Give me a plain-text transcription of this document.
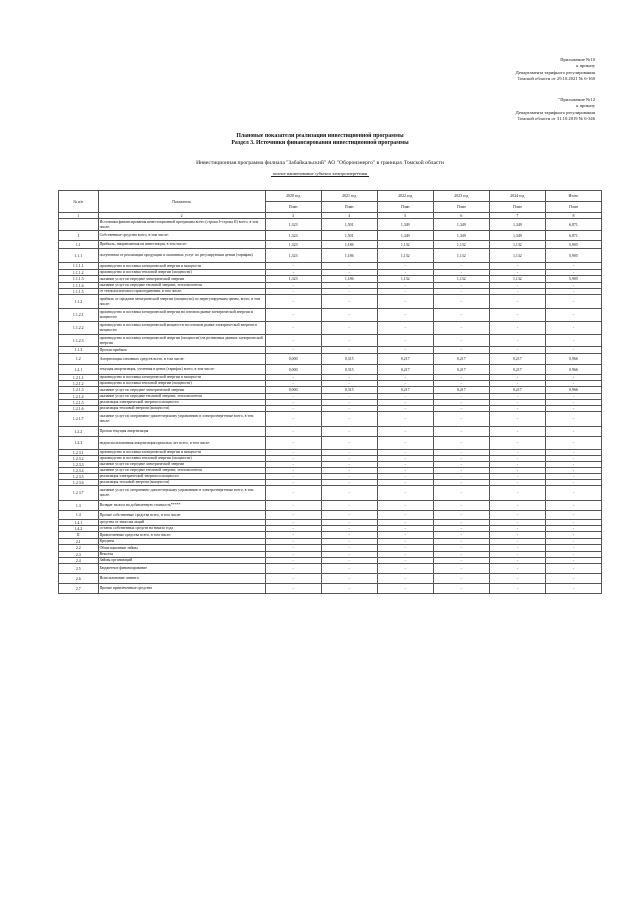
Приложение №10
к приказу
Департамента тарифного регулирования
Томской области от 29.10.2021 № 6-160
"Приложение №12
к приказу
Департамента тарифного регулирования
Томской области от 31.10.2019 № 6-346
Плановые показатели реализации инвестиционной программы
Раздел 3. Источники финансирования инвестиционной программы
Инвестиционная программа филиала "Забайкальский" АО "Оборонэнерго" в границах Томской области
полное наименование субъекта электроэнергетики
№ п/п	Показатель	2020 год	2021 год	2022 год	2023 год	2024 год	Итого
		План	План	План	План	План	План
1	2	3	4	5	6	7	8
	Источники финансирования инвестиционной программы всего (строка I+строка II) всего, в том числе:	1,323	1,501	1,349	1,349	1,349	6,871
I	Собственные средства всего, в том числе:	1,323	1,501	1,349	1,349	1,349	6,871
1.1	Прибыль, направляемая на инвестиции, в том числе:	1,323	1,186	1,132	1,132	1,132	5,905
1.1.1	полученная от реализации продукции и оказанных услуг по регулируемым ценам (тарифам)	1,323	1,186	1,132	1,132	1,132	5,905
1.1.1.1	производство и поставка электрической энергии и мощности	-	-	-	-	-	-
1.1.1.2	производство и поставка тепловой энергии (мощности)	-	-	-	-	-	-
1.1.1.3	оказание услуг по передаче электрической энергии	1,323	1,186	1,132	1,132	1,132	5,905
1.1.1.4	оказание услуг по передаче тепловой энергии, теплоносителя	-	-	-	-	-	-
1.1.1.5	от технологического присоединения, в том числе:	-	-	-	-	-	-
1.1.2	прибыль от продажи электрической энергии (мощности) по нерегулируемым ценам, всего, в том числе:	-	-	-	-	-	-
1.1.2.1	производство и поставка электрической энергии на оптовом рынке электрической энергии и мощности	-	-	-	-	-	-
1.1.2.2	производство и поставка электрической мощности на оптовом рынке электрической энергии и мощности	-	-	-	-	-	-
1.1.2.3	производство и поставка электрической энергии (мощности) на розничных рынках электрической энергии	-	-	-	-	-	-
1.1.3	Прочая прибыль	-	-	-	-	-	-
1.2	Амортизация основных средств всего, в том числе:	0,000	0,315	0,217	0,217	0,217	0,966
1.2.1	текущая амортизация, учтенная в ценах (тарифах) всего, в том числе:	0,000	0,315	0,217	0,217	0,217	0,966
1.2.1.1	производство и поставка электрической энергии и мощности	-	-	-	-	-	-
1.2.1.2	производство и поставка тепловой энергии (мощности)	-	-	-	-	-	-
1.2.1.3	оказание услуг по передаче электрической энергии	0,000	0,315	0,217	0,217	0,217	0,966
1.2.1.4	оказание услуг по передаче тепловой энергии, теплоносителя	-	-	-	-	-	-
1.2.1.5	реализация электрической энергии и мощности	-	-	-	-	-	-
1.2.1.6	реализация тепловой энергии (мощности)	-	-	-	-	-	-
1.2.1.7	оказание услуг по оперативно-диспетчерскому управлению в электроэнергетике всего, в том числе:	-	-	-	-	-	-
1.2.2	Прочая текущая амортизация	-	-	-	-	-	-
1.2.3	недоиспользованная амортизация прошлых лет всего, в том числе:	-	-	-	-	-	-
1.2.3.1	производство и поставка электрической энергии и мощности	-	-	-	-	-	-
1.2.3.2	производство и поставка тепловой энергии (мощности)	-	-	-	-	-	-
1.2.3.3	оказание услуг по передаче электрической энергии	-	-	-	-	-	-
1.2.3.4	оказание услуг по передаче тепловой энергии, теплоносителя	-	-	-	-	-	-
1.2.3.5	реализация электрической энергии и мощности	-	-	-	-	-	-
1.2.3.6	реализация тепловой энергии (мощности)	-	-	-	-	-	-
1.2.3.7	оказание услуг по оперативно-диспетчерскому управлению в электроэнергетике всего, в том числе:	-	-	-	-	-	-
1.3	Возврат налога на добавленную стоимость*****	-	-	-	-	-	-
1.4	Прочие собственные средства всего, в том числе:	-	-	-	-	-	-
1.4.1	средства от эмиссии акций	-	-	-	-	-	-
1.4.2	остаток собственных средств на начало года	-	-	-	-	-	-
II	Привлеченные средства всего, в том числе:	-	-	-	-	-	-
2.1	Кредиты	-	-	-	-	-	-
2.2	Облигационные займы	-	-	-	-	-	-
2.3	Векселя	-	-	-	-	-	-
2.4	Займы организаций	-	-	-	-	-	-
2.5	Бюджетное финансирование	-	-	-	-	-	-
2.6	Использование лизинга	-	-	-	-	-	-
2.7	Прочие привлеченные средства	-	-	-	-	-	-
